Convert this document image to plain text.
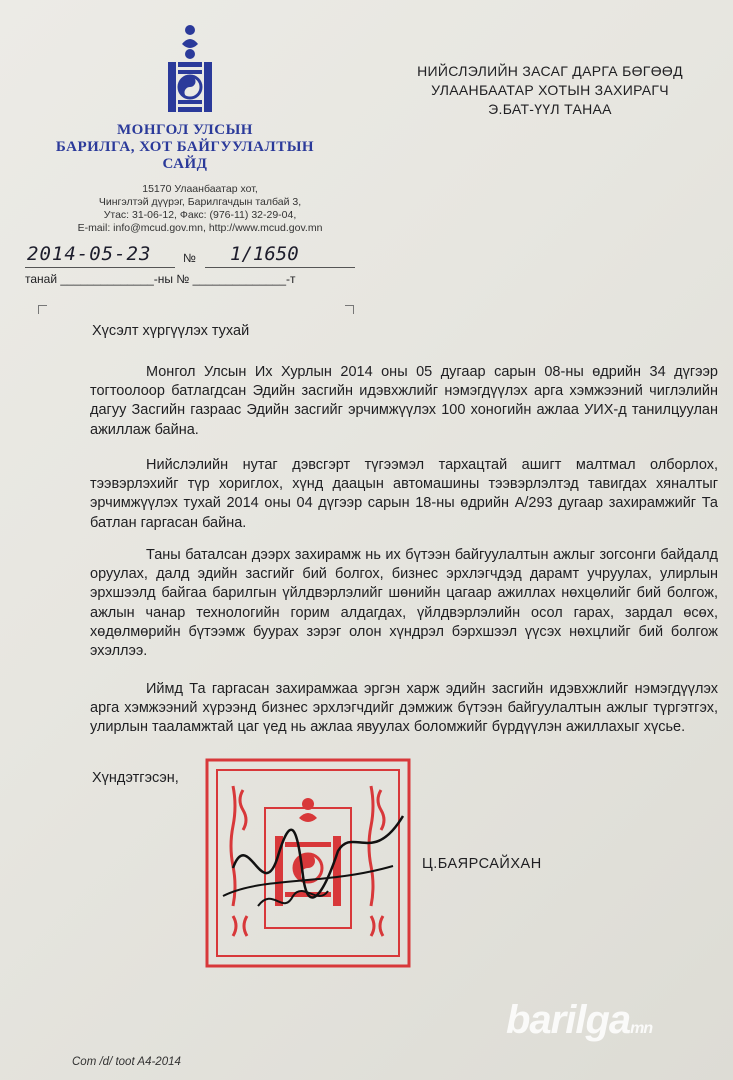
МОНГОЛ УЛСЫН
БАРИЛГА, ХОТ БАЙГУУЛАЛТЫН
САЙД
15170 Улаанбаатар хот,
Чингэлтэй дүүрэг, Барилгачдын талбай 3,
Утас: 31-06-12, Факс: (976-11) 32-29-04,
E-mail: info@mcud.gov.mn, http://www.mcud.gov.mn
НИЙСЛЭЛИЙН ЗАСАГ ДАРГА БӨГӨӨД
УЛААНБААТАР ХОТЫН ЗАХИРАГЧ
Э.БАТ-ҮҮЛ ТАНАА
2014-05-23	№ 1/1650
танай ______________-ны № ______________-т
Хүсэлт хүргүүлэх тухай

Монгол Улсын Их Хурлын 2014 оны 05 дугаар сарын 08-ны өдрийн 34 дүгээр тогтоолоор батлагдсан Эдийн засгийн идэвхжлийг нэмэгдүүлэх арга хэмжээний чиглэлийн дагуу Засгийн газраас Эдийн засгийг эрчимжүүлэх 100 хоногийн ажлаа УИХ-д танилцуулан ажиллаж байна.

Нийслэлийн нутаг дэвсгэрт түгээмэл тархацтай ашигт малтмал олборлох, тээвэрлэхийг түр хориглох, хүнд даацын автомашины тээвэрлэлтэд тавигдах хяналтыг эрчимжүүлэх тухай 2014 оны 04 дүгээр сарын 18-ны өдрийн А/293 дугаар захирамжийг Та батлан гаргасан байна.

Таны баталсан дээрх захирамж нь их бүтээн байгуулалтын ажлыг зогсонги байдалд оруулах, далд эдийн засгийг бий болгох, бизнес эрхлэгчдэд дарамт учруулах, улирлын эрхшээлд байгаа барилгын үйлдвэрлэлийг шөнийн цагаар ажиллах нөхцөлийг бий болгож, ажлын чанар технологийн горим алдагдах, үйлдвэрлэлийн осол гарах, зардал өсөх, хөдөлмөрийн бүтээмж буурах зэрэг олон хүндрэл бэрхшээл үүсэх нөхцлийг бий болгож эхэллээ.

Иймд Та гаргасан захирамжаа эргэн харж эдийн засгийн идэвхжлийг нэмэгдүүлэх арга хэмжээний хүрээнд бизнес эрхлэгчдийг дэмжиж бүтээн байгуулалтын ажлыг түргэтгэх, улирлын тааламжтай цаг үед нь ажлаа явуулах боломжийг бүрдүүлэн ажиллахыг хүсье.

Хүндэтгэсэн,
Ц.БАЯРСАЙХАН
barilgamn
Com /d/ toot A4-2014
